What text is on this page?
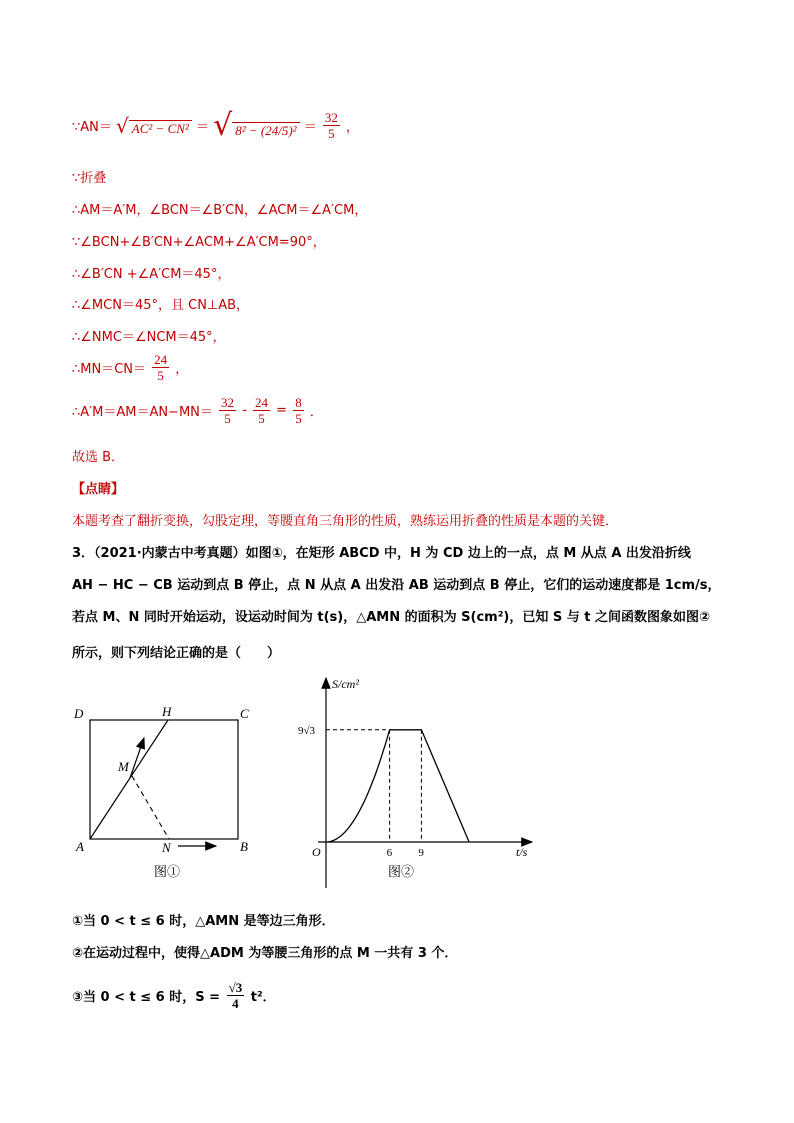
∵AN＝ √ AC² − CN² ＝ √ $8^2 - (24/5)^2 = \frac{32}{5}$ ，
∵折叠
∴AM＝A′M，∠BCN＝∠B′CN，∠ACM＝∠A′CM，
∵∠BCN+∠B′CN+∠ACM+∠A′CM=90°，
∴∠B′CN +∠A′CM＝45°，
∴∠MCN＝45°，且 CN⊥AB，
∴∠NMC＝∠NCM＝45°，
∴MN＝CN＝ $\frac{24}{5}$ ，
∴A′M＝AM＝AN−MN＝ $\frac{32}{5} - \frac{24}{5} = \frac{8}{5}$ ．
故选 B．
【点睛】
本题考查了翻折变换，勾股定理，等腰直角三角形的性质，熟练运用折叠的性质是本题的关键．
3．（2021·内蒙古中考真题）如图①，在矩形 ABCD 中，H 为 CD 边上的一点，点 M 从点 A 出发沿折线
AH − HC − CB 运动到点 B 停止，点 N 从点 A 出发沿 AB 运动到点 B 停止，它们的运动速度都是 1cm/s，
若点 M、N 同时开始运动，设运动时间为 t(s)，△AMN 的面积为 S(cm²)，已知 S 与 t 之间函数图象如图②
所示，则下列结论正确的是（　　）
D	H	C
M
A	N	B
图①
6 9
9√3
S/cm²
t/s
O
图②
①当 0 < t ≤ 6 时，△AMN 是等边三角形．
②在运动过程中，使得△ADM 为等腰三角形的点 M 一共有 3 个．
③当 0 < t ≤ 6 时，$S = \frac{√3}{4} t^2$．
